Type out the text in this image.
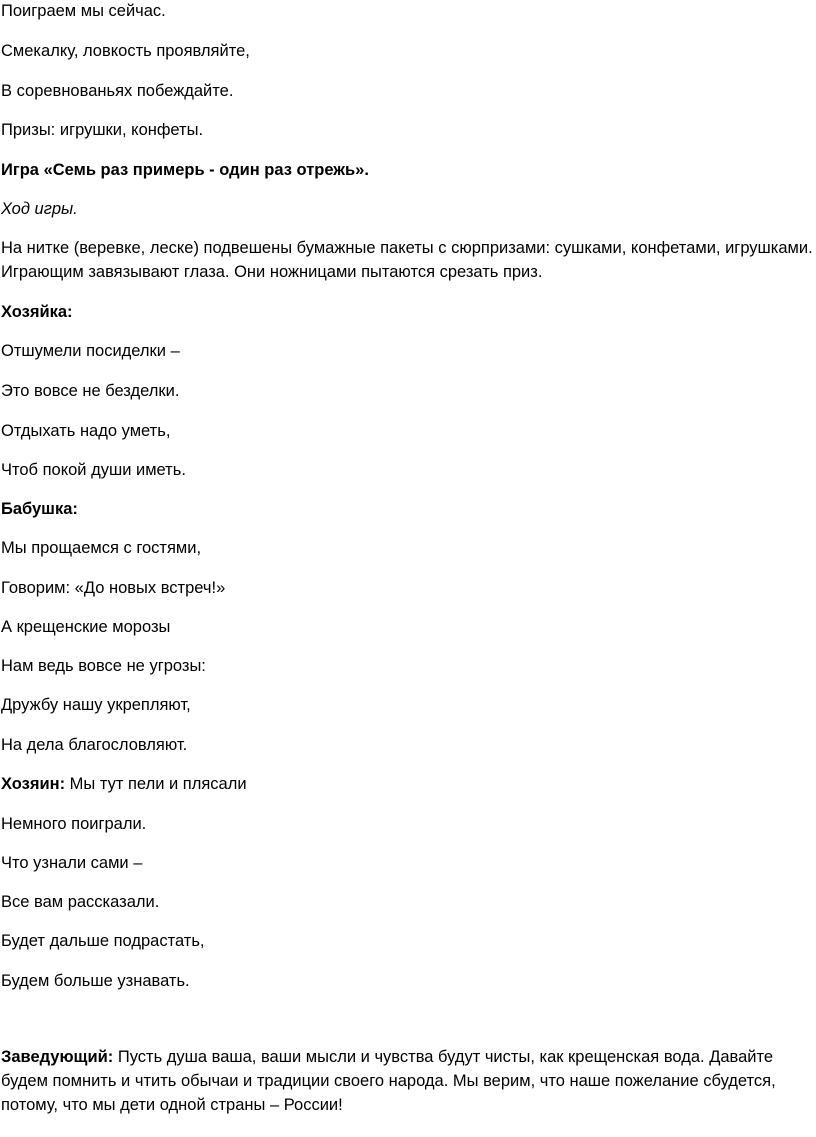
Поиграем мы сейчас.
Смекалку, ловкость проявляйте,
В соревнованьях побеждайте.
Призы: игрушки, конфеты.
Игра «Семь раз примерь - один раз отрежь».
Ход игры.
На нитке (веревке, леске) подвешены бумажные пакеты с сюрпризами: сушками, конфетами, игрушками. Играющим завязывают глаза. Они ножницами пытаются срезать приз.
Хозяйка:
Отшумели посиделки –
Это вовсе не безделки.
Отдыхать надо уметь,
Чтоб покой души иметь.
Бабушка:
Мы прощаемся с гостями,
Говорим: «До новых встреч!»
А крещенские морозы
Нам ведь вовсе не угрозы:
Дружбу нашу укрепляют,
На дела благословляют.
Хозяин: Мы тут пели и плясали
Немного поиграли.
Что узнали сами –
Все вам рассказали.
Будет дальше подрастать,
Будем больше узнавать.
Заведующий: Пусть душа ваша, ваши мысли и чувства будут чисты, как крещенская вода. Давайте будем помнить и чтить обычаи и традиции своего народа. Мы верим, что наше пожелание сбудется, потому, что мы дети одной страны – России!
